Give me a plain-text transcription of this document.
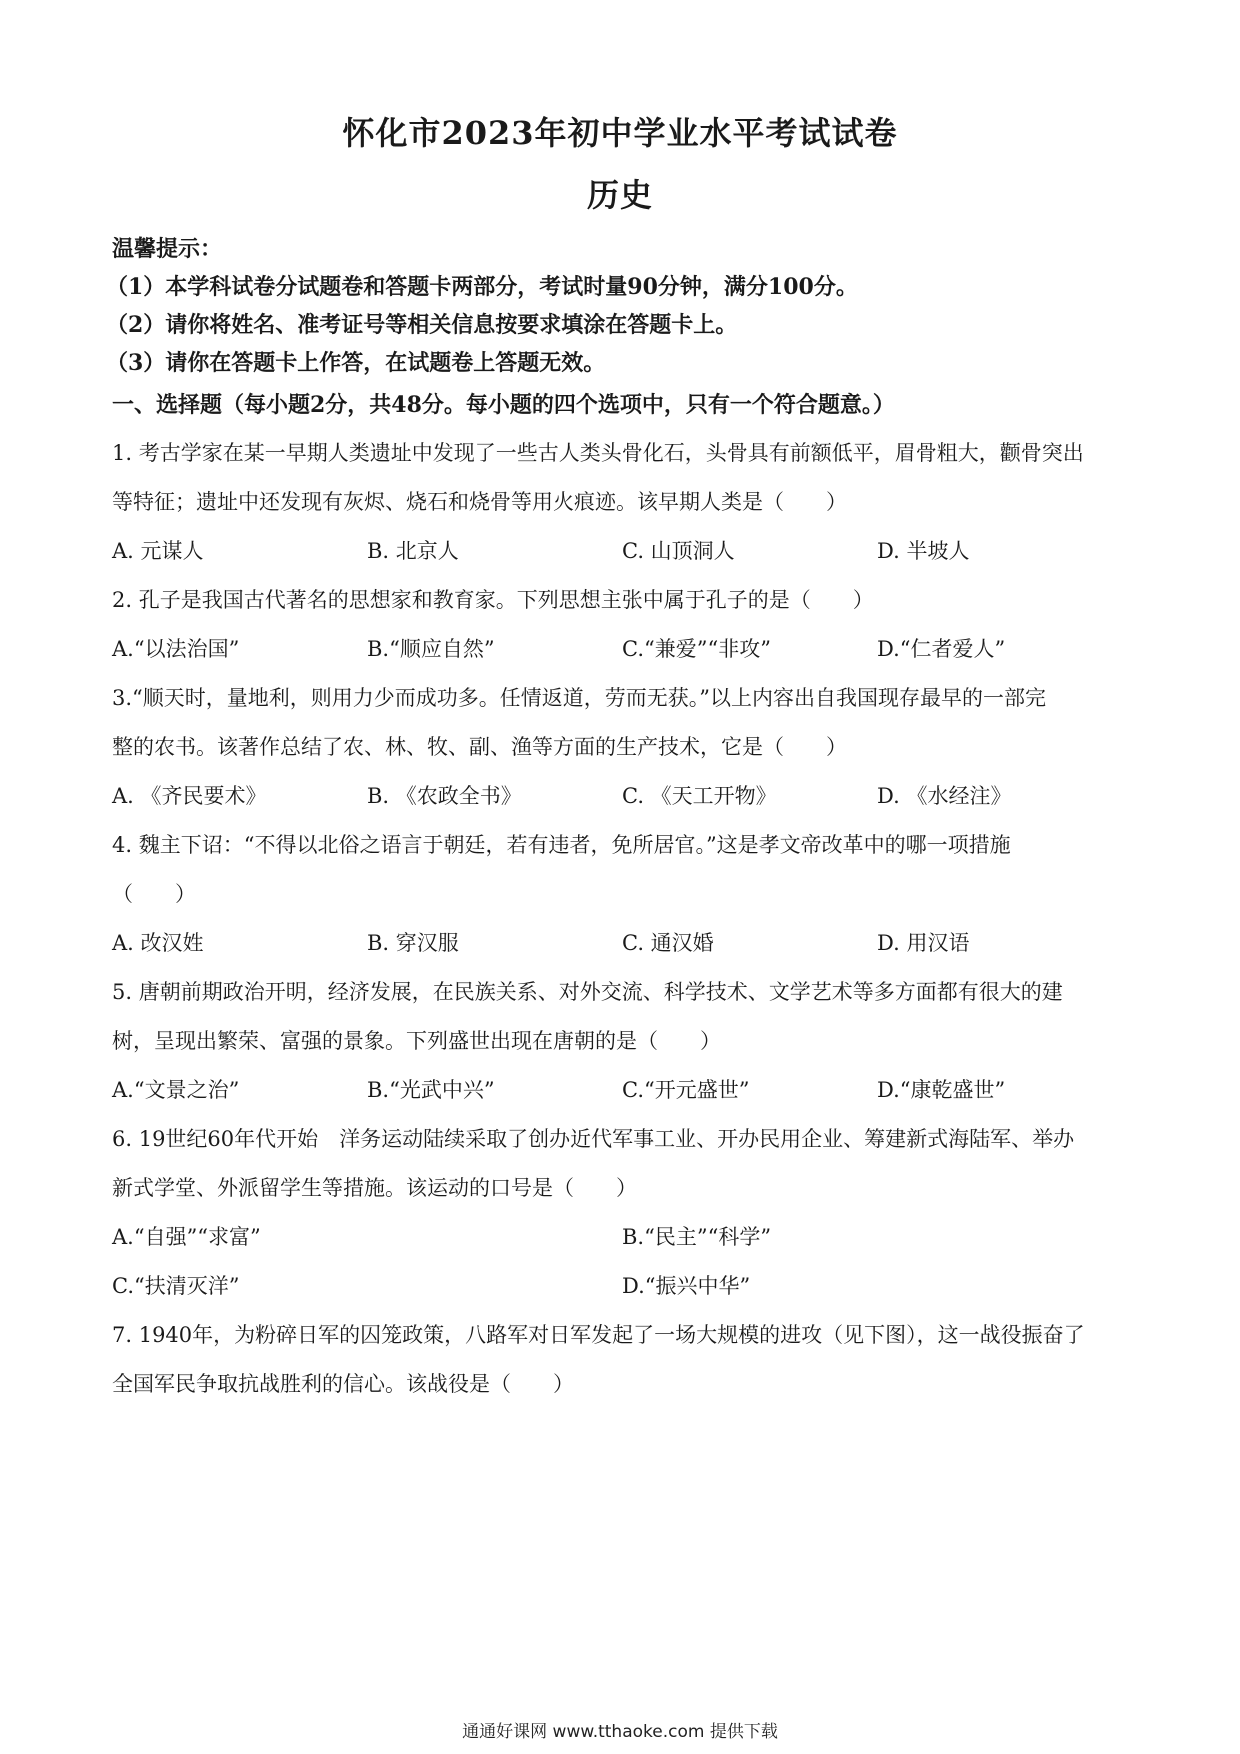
怀化市2023年初中学业水平考试试卷
历史
温馨提示：
（1）本学科试卷分试题卷和答题卡两部分，考试时量90分钟，满分100分。
（2）请你将姓名、准考证号等相关信息按要求填涂在答题卡上。
（3）请你在答题卡上作答，在试题卷上答题无效。
一、选择题（每小题2分，共48分。每小题的四个选项中，只有一个符合题意。）
1. 考古学家在某一早期人类遗址中发现了一些古人类头骨化石，头骨具有前额低平，眉骨粗大，颧骨突出
等特征；遗址中还发现有灰烬、烧石和烧骨等用火痕迹。该早期人类是（　　）
A. 元谋人	B. 北京人	C. 山顶洞人	D. 半坡人
2. 孔子是我国古代著名的思想家和教育家。下列思想主张中属于孔子的是（　　）
A.“以法治国”	B.“顺应自然”	C.“兼爱”“非攻”	D.“仁者爱人”
3.“顺天时，量地利，则用力少而成功多。任情返道，劳而无获。”以上内容出自我国现存最早的一部完
整的农书。该著作总结了农、林、牧、副、渔等方面的生产技术，它是（　　）
A. 《齐民要术》	B. 《农政全书》	C. 《天工开物》	D. 《水经注》
4. 魏主下诏：“不得以北俗之语言于朝廷，若有违者，免所居官。”这是孝文帝改革中的哪一项措施
（　　）
A. 改汉姓	B. 穿汉服	C. 通汉婚	D. 用汉语
5. 唐朝前期政治开明，经济发展，在民族关系、对外交流、科学技术、文学艺术等多方面都有很大的建
树，呈现出繁荣、富强的景象。下列盛世出现在唐朝的是（　　）
A.“文景之治”	B.“光武中兴”	C.“开元盛世”	D.“康乾盛世”
6. 19世纪60年代开始　洋务运动陆续采取了创办近代军事工业、开办民用企业、筹建新式海陆军、举办
新式学堂、外派留学生等措施。该运动的口号是（　　）
A.“自强”“求富”	B.“民主”“科学”
C.“扶清灭洋”	D.“振兴中华”
7. 1940年，为粉碎日军的囚笼政策，八路军对日军发起了一场大规模的进攻（见下图），这一战役振奋了
全国军民争取抗战胜利的信心。该战役是（　　）
通通好课网 www.tthaoke.com 提供下载
